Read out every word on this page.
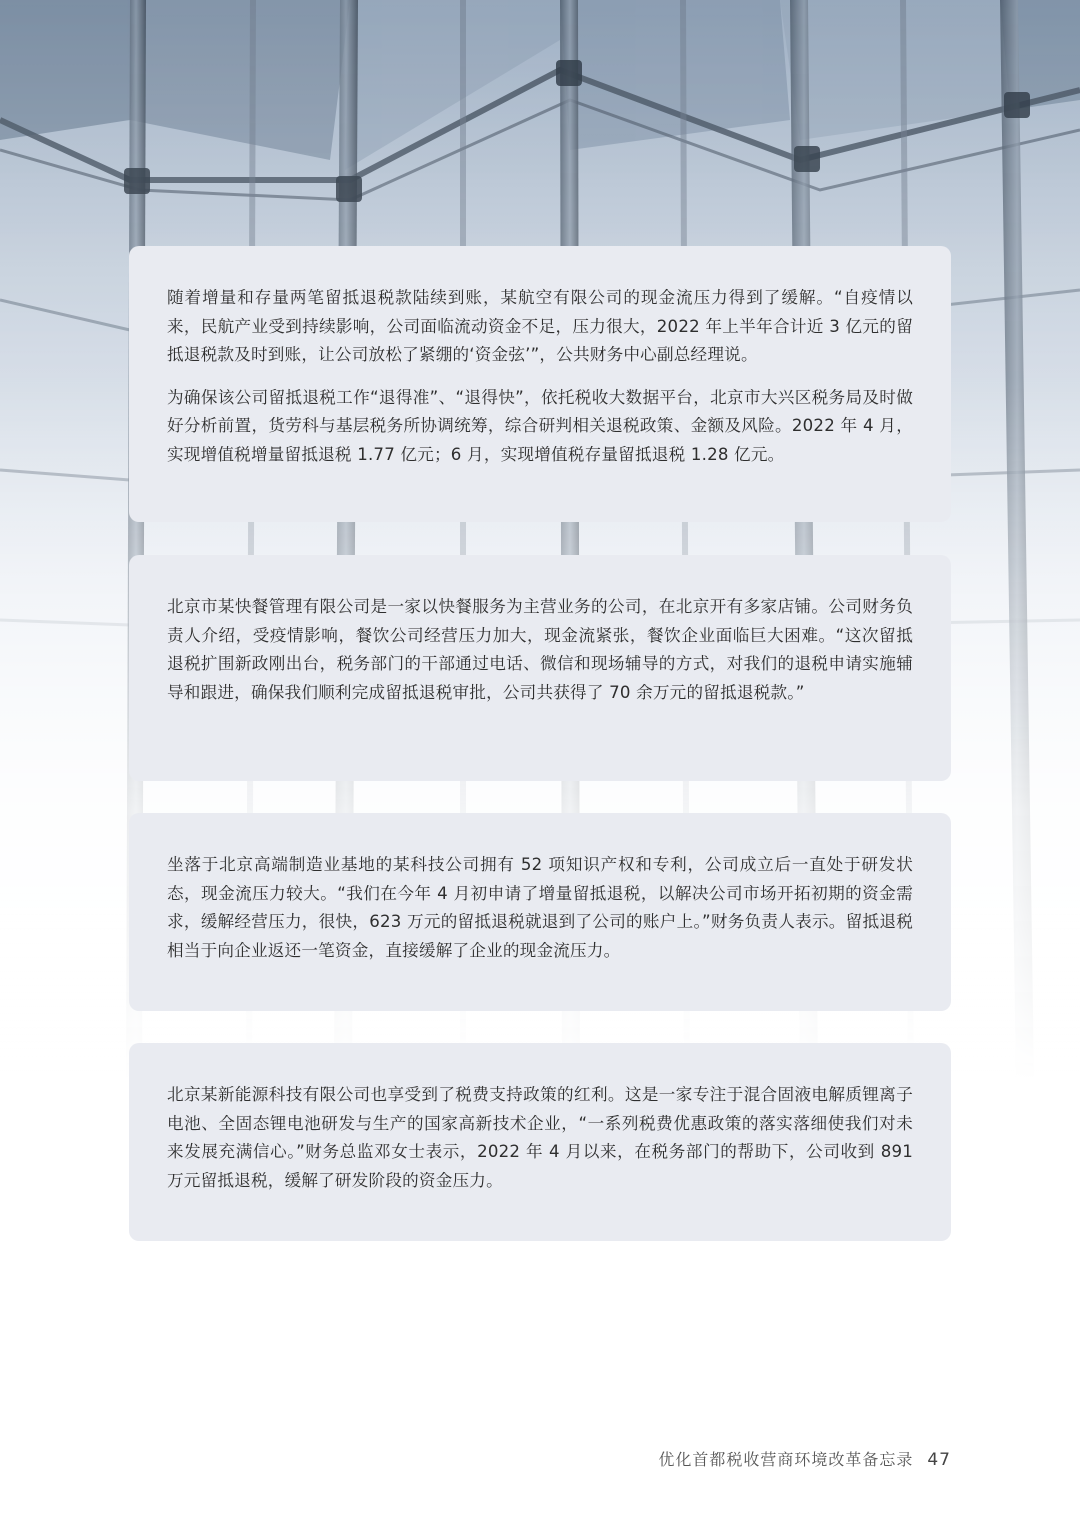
随着增量和存量两笔留抵退税款陆续到账，某航空有限公司的现金流压力得到了缓解。“自疫情以来，民航产业受到持续影响，公司面临流动资金不足，压力很大，2022 年上半年合计近 3 亿元的留抵退税款及时到账，让公司放松了紧绷的‘资金弦’”，公共财务中心副总经理说。

为确保该公司留抵退税工作“退得准”、“退得快”，依托税收大数据平台，北京市大兴区税务局及时做好分析前置，货劳科与基层税务所协调统筹，综合研判相关退税政策、金额及风险。2022 年 4 月，实现增值税增量留抵退税 1.77 亿元；6 月，实现增值税存量留抵退税 1.28 亿元。

北京市某快餐管理有限公司是一家以快餐服务为主营业务的公司，在北京开有多家店铺。公司财务负责人介绍，受疫情影响，餐饮公司经营压力加大，现金流紧张，餐饮企业面临巨大困难。“这次留抵退税扩围新政刚出台，税务部门的干部通过电话、微信和现场辅导的方式，对我们的退税申请实施辅导和跟进，确保我们顺利完成留抵退税审批，公司共获得了 70 余万元的留抵退税款。”

坐落于北京高端制造业基地的某科技公司拥有 52 项知识产权和专利，公司成立后一直处于研发状态，现金流压力较大。“我们在今年 4 月初申请了增量留抵退税，以解决公司市场开拓初期的资金需求，缓解经营压力，很快，623 万元的留抵退税就退到了公司的账户上。”财务负责人表示。留抵退税相当于向企业返还一笔资金，直接缓解了企业的现金流压力。

北京某新能源科技有限公司也享受到了税费支持政策的红利。这是一家专注于混合固液电解质锂离子电池、全固态锂电池研发与生产的国家高新技术企业，“一系列税费优惠政策的落实落细使我们对未来发展充满信心。”财务总监邓女士表示，2022 年 4 月以来，在税务部门的帮助下，公司收到 891 万元留抵退税，缓解了研发阶段的资金压力。

优化首都税收营商环境改革备忘录 47
